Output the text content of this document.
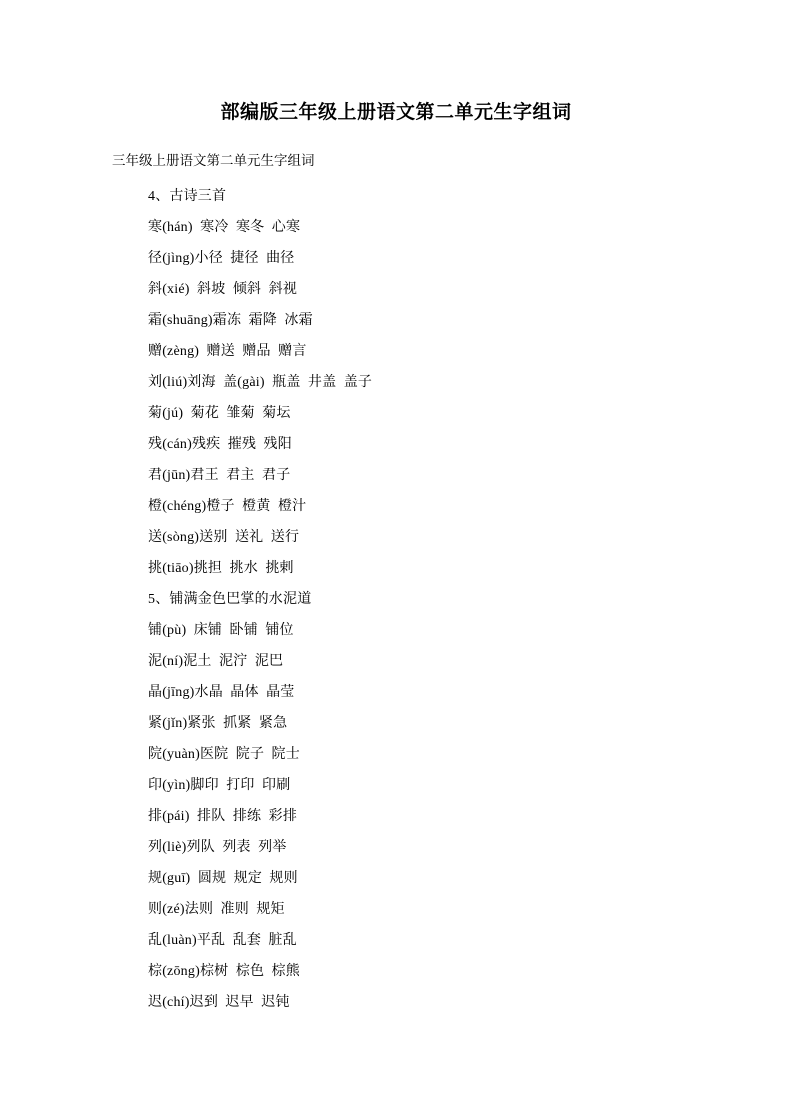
部编版三年级上册语文第二单元生字组词
三年级上册语文第二单元生字组词
4、古诗三首
寒(hán)  寒冷  寒冬  心寒
径(jìng)小径  捷径  曲径
斜(xié)  斜坡  倾斜  斜视
霜(shuāng)霜冻  霜降  冰霜
赠(zèng)  赠送  赠品  赠言
刘(liú)刘海  盖(gài)  瓶盖  井盖  盖子
菊(jú)  菊花  雏菊  菊坛
残(cán)残疾  摧残  残阳
君(jūn)君王  君主  君子
橙(chéng)橙子  橙黄  橙汁
送(sòng)送别  送礼  送行
挑(tiāo)挑担  挑水  挑剌
5、铺满金色巴掌的水泥道
铺(pù)  床铺  卧铺  铺位
泥(ní)泥土  泥泞  泥巴
晶(jīng)水晶  晶体  晶莹
紧(jǐn)紧张  抓紧  紧急
院(yuàn)医院  院子  院士
印(yìn)脚印  打印  印刷
排(pái)  排队  排练  彩排
列(liè)列队  列表  列举
规(guī)  圆规  规定  规则
则(zé)法则  准则  规矩
乱(luàn)平乱  乱套  脏乱
棕(zōng)棕树  棕色  棕熊
迟(chí)迟到  迟早  迟钝
